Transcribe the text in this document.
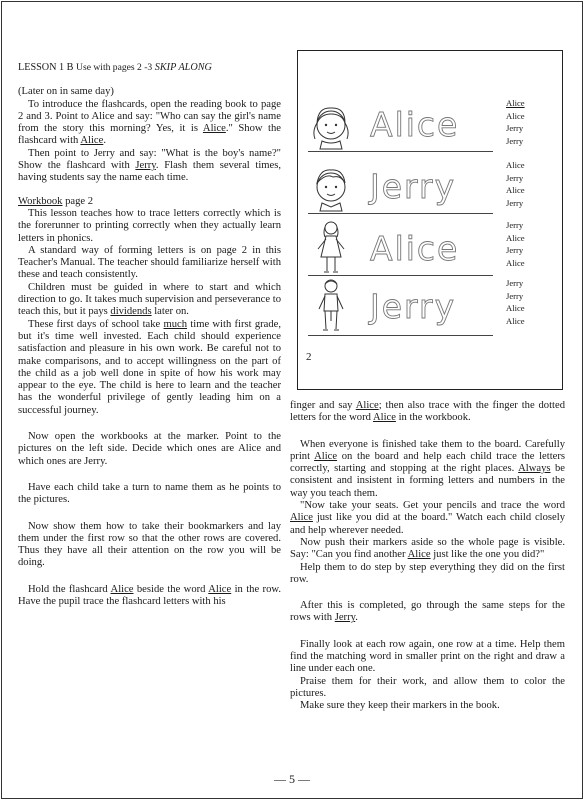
LESSON 1 B Use with pages 2 -3 SKIP ALONG

(Later on in same day)

To introduce the flashcards, open the reading book to page 2 and 3. Point to Alice and say: "Who can say the girl's name from the story this morning? Yes, it is Alice." Show the flashcard with Alice.

Then point to Jerry and say: "What is the boy's name?" Show the flashcard with Jerry. Flash them several times, having students say the name each time.

Workbook page 2

This lesson teaches how to trace letters correctly which is the forerunner to printing correctly when they actually learn letters in phonics.

A standard way of forming letters is on page 2 in this Teacher's Manual. The teacher should familiarize herself with these and teach consistently.

Children must be guided in where to start and which direction to go. It takes much supervision and perseverance to teach this, but it pays dividends later on.

These first days of school take much time with first grade, but it's time well invested. Each child should experience satisfaction and pleasure in his own work. Be careful not to make comparisons, and to accept willingness on the part of the child as a job well done in spite of how his work may appear to the eye. The child is here to learn and the teacher has the wonderful privilege of gently leading him on a successful journey.

Now open the workbooks at the marker. Point to the pictures on the left side. Decide which ones are Alice and which ones are Jerry.

Have each child take a turn to name them as he points to the pictures.

Now show them how to take their bookmarkers and lay them under the first row so that the other rows are covered. Thus they have all their attention on the row you will be doing.

Hold the flashcard Alice beside the word Alice in the row. Have the pupil trace the flashcard letters with his

Alice
Alice
Alice
Jerry
Jerry
Jerry
Alice
Jerry
Alice
Jerry
Alice
Jerry
Alice
Jerry
Alice
Jerry
Jerry
Jerry
Alice
Alice
2

finger and say Alice; then also trace with the finger the dotted letters for the word Alice in the workbook.

When everyone is finished take them to the board. Carefully print Alice on the board and help each child trace the letters correctly, starting and stopping at the right places. Always be consistent and insistent in forming letters and numbers in the way you teach them.

"Now take your seats. Get your pencils and trace the word Alice just like you did at the board." Watch each child closely and help wherever needed.

Now push their markers aside so the whole page is visible. Say: "Can you find another Alice just like the one you did?"

Help them to do step by step everything they did on the first row.

After this is completed, go through the same steps for the rows with Jerry.

Finally look at each row again, one row at a time. Help them find the matching word in smaller print on the right and draw a line under each one.

Praise them for their work, and allow them to color the pictures.

Make sure they keep their markers in the book.

— 5 —
